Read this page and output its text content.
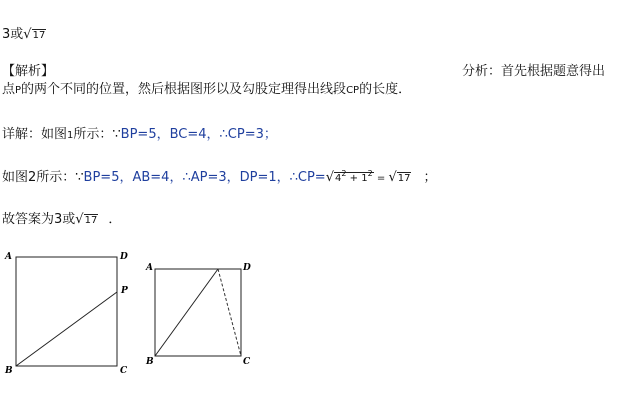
3或√17
【解析】	分析：首先根据题意得出
点P的两个不同的位置，然后根据图形以及勾股定理得出线段CP的长度．
详解：如图1所示：∵BP=5，BC=4，∴CP=3；
如图2所示：∵BP=5，AB=4，∴AP=3，DP=1，$\therefore CP=√4^2 + 1^2 = √17$ ；
故答案为3或√17 ．
A	D
P
B	C
A	D
B	C
